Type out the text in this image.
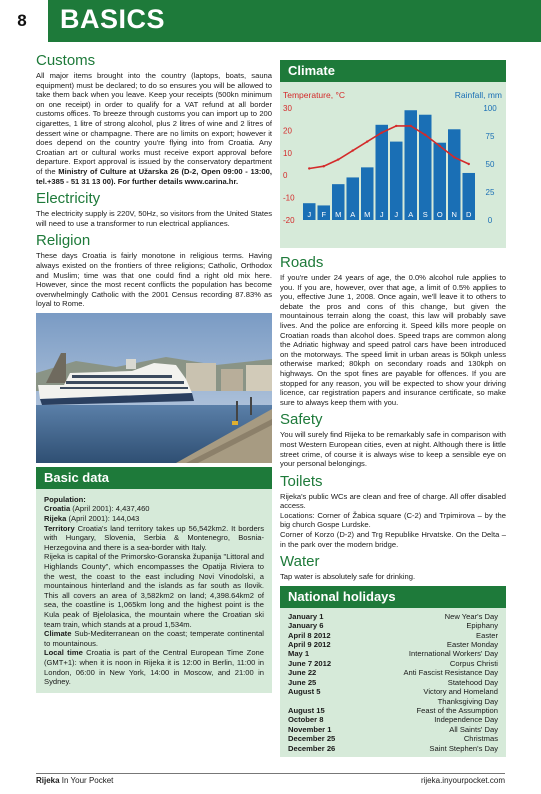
8	BASICS
Customs

All major items brought into the country (laptops, boats, sauna equipment) must be declared; to do so ensures you will be allowed to take them back when you leave. Keep your receipts (500kn minimum on one receipt) in order to qualify for a VAT refund at all border customs offices. To breeze through customs you can import up to 200 cigarettes, 1 litre of strong alcohol, plus 2 litres of wine and 2 litres of dessert wine or champagne. There are no limits on export; however it does depend on the country you're flying into from Croatia. Any Croatian art or cultural works must receive export approval before departure. Export approval is issued by the conservatory department of the Ministry of Culture at Užarska 26 (D-2, Open 09:00 - 13:00, tel.+385 - 51 31 13 00). For further details www.carina.hr.

Electricity

The electricity supply is 220V, 50Hz, so visitors from the United States will need to use a transformer to run electrical appliances.

Religion

These days Croatia is fairly monotone in religious terms. Having always existed on the frontiers of three religions; Catholic, Orthodox and Muslim; time was that one could find a right old mix here. However, since the most recent conflicts the population has become overwhelmingly Catholic with the 2001 Census recording 87.83% as loyal to Rome.

Basic data

Population:

Croatia (April 2001): 4,437,460

Rijeka (April 2001): 144,043

Territory Croatia's land territory takes up 56,542km2. It borders with Hungary, Slovenia, Serbia & Montenegro, Bosnia-Herzegovina and there is a sea-border with Italy.

Rijeka is capital of the Primorsko-Goranska županija "Littoral and Highlands County", which encompasses the Opatija Riviera to the west, the coast to the east including Novi Vinodolski, a mountainous hinterland and the islands as far south as Ilovik. This all covers an area of 3,582km2 on land; 4,398.64km2 of sea, the coastline is 1,065km long and the highest point is the Kula peak of Bjelolasica, the mountain where the Croatian ski team train, which stands at a proud 1,534m.

Climate Sub-Mediterranean on the coast; temperate continental to mountainous.

Local time Croatia is part of the Central European Time Zone (GMT+1): when it is noon in Rijeka it is 12:00 in Berlin, 11:00 in London, 06:00 in New York, 14:00 in Moscow, and 21:00 in Sydney.

Climate
Temperature, °C	Rainfall, mm
30
20
10
0
-10
-20
100
75
50
25
0
J F M A M J J A S O N D
Roads

If you're under 24 years of age, the 0.0% alcohol rule applies to you. If you are, however, over that age, a limit of 0.5% applies to you, effective June 1, 2008. Once again, we'll leave it to others to debate the pros and cons of this change, but given the mountainous terrain along the coast, this law will probably save lives. And the police are enforcing it. Speed kills more people on Croatian roads than alcohol does. Speed traps are common along the Adriatic highway and speed patrol cars have been introduced on the motorways. The speed limit in urban areas is 50kph unless otherwise marked; 80kph on secondary roads and 130kph on highways. On the spot fines are payable for offences. If you are stopped for any reason, you will be expected to show your driving licence, car registration papers and insurance certificate, so make sure to always keep them with you.

Safety

You will surely find Rijeka to be remarkably safe in comparison with most Western European cities, even at night. Although there is little street crime, of course it is always wise to keep a sensible eye on your personal belongings.

Toilets

Rijeka's public WCs are clean and free of charge. All offer disabled access.

Locations: Corner of Žabica square (C-2) and Trpimirova – by the big church Gospe Lurdske.

Corner of Korzo (D-2) and Trg Republike Hrvatske. On the Delta – in the park over the modern bridge.

Water

Tap water is absolutely safe for drinking.

National holidays
January 1	New Year's Day
January 6	Epiphany
April 8 2012	Easter
April 9 2012	Easter Monday
May 1	International Workers' Day
June 7 2012	Corpus Christi
June 22	Anti Fascist Resistance Day
June 25	Statehood Day
August 5	Victory and Homeland
Thanksgiving Day
August 15	Feast of the Assumption
October 8	Independence Day
November 1	All Saints' Day
December 25	Christmas
December 26	Saint Stephen's Day
Rijeka In Your Pocket	rijeka.inyourpocket.com
